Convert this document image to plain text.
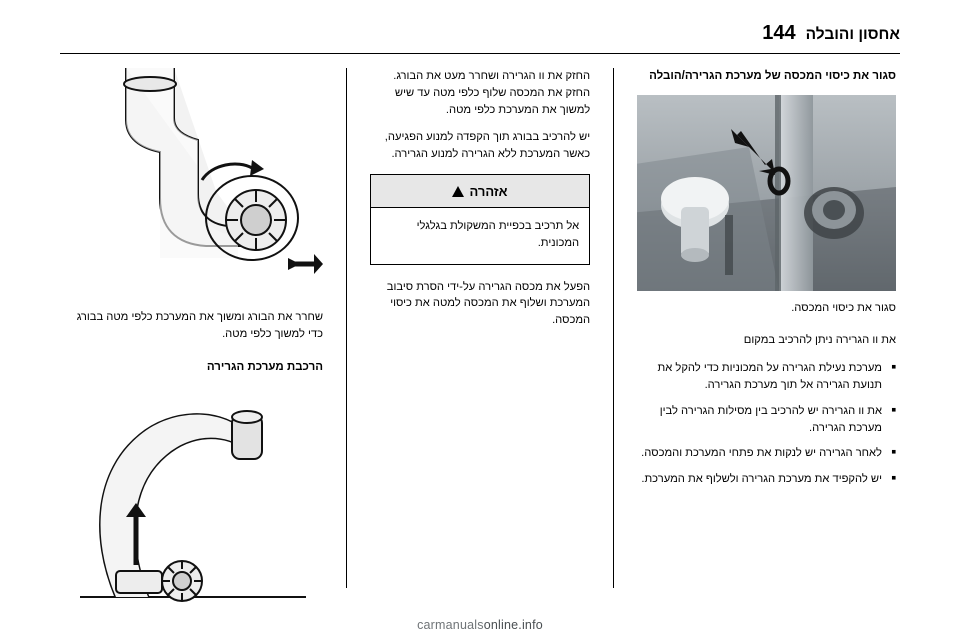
אחסון והובלה
144
סגור את כיסוי המכסה של מערכת הגרירה/הובלה

סגור את כיסוי המכסה.

את וו הגרירה ניתן להרכיב במקום

■ מערכת נעילת הגרירה על המכוניות כדי להקל את תנועת הגרירה אל תוך מערכת הגרירה.
■ את וו הגרירה יש להרכיב בין מסילות הגרירה לבין מערכת הגרירה.
■ לאחר הגרירה יש לנקות את פתחי המערכת והמכסה.
■ יש להקפיד את מערכת הגרירה ולשלוף את המערכת.

החזק את וו הגרירה ושחרר מעט את הבורג. החזק את המכסה שלוף כלפי מטה עד שיש למשוך את המערכת כלפי מטה.

יש להרכיב בבורג תוך הקפדה למנוע הפגיעה, כאשר המערכת ללא הגרירה למנוע הגרירה.

אזהרה
אל תרכיב בכפיית המשקולת בגלגלי המכונית.

הפעל את מכסה הגרירה על-ידי הסרת סיבוב המערכת ושלוף את המכסה למטה את כיסוי המכסה.

שחרר את הבורג ומשוך את המערכת כלפי מטה בבורג כדי למשוך כלפי מטה.

הרכבת מערכת הגרירה
carmanualsonline.info
